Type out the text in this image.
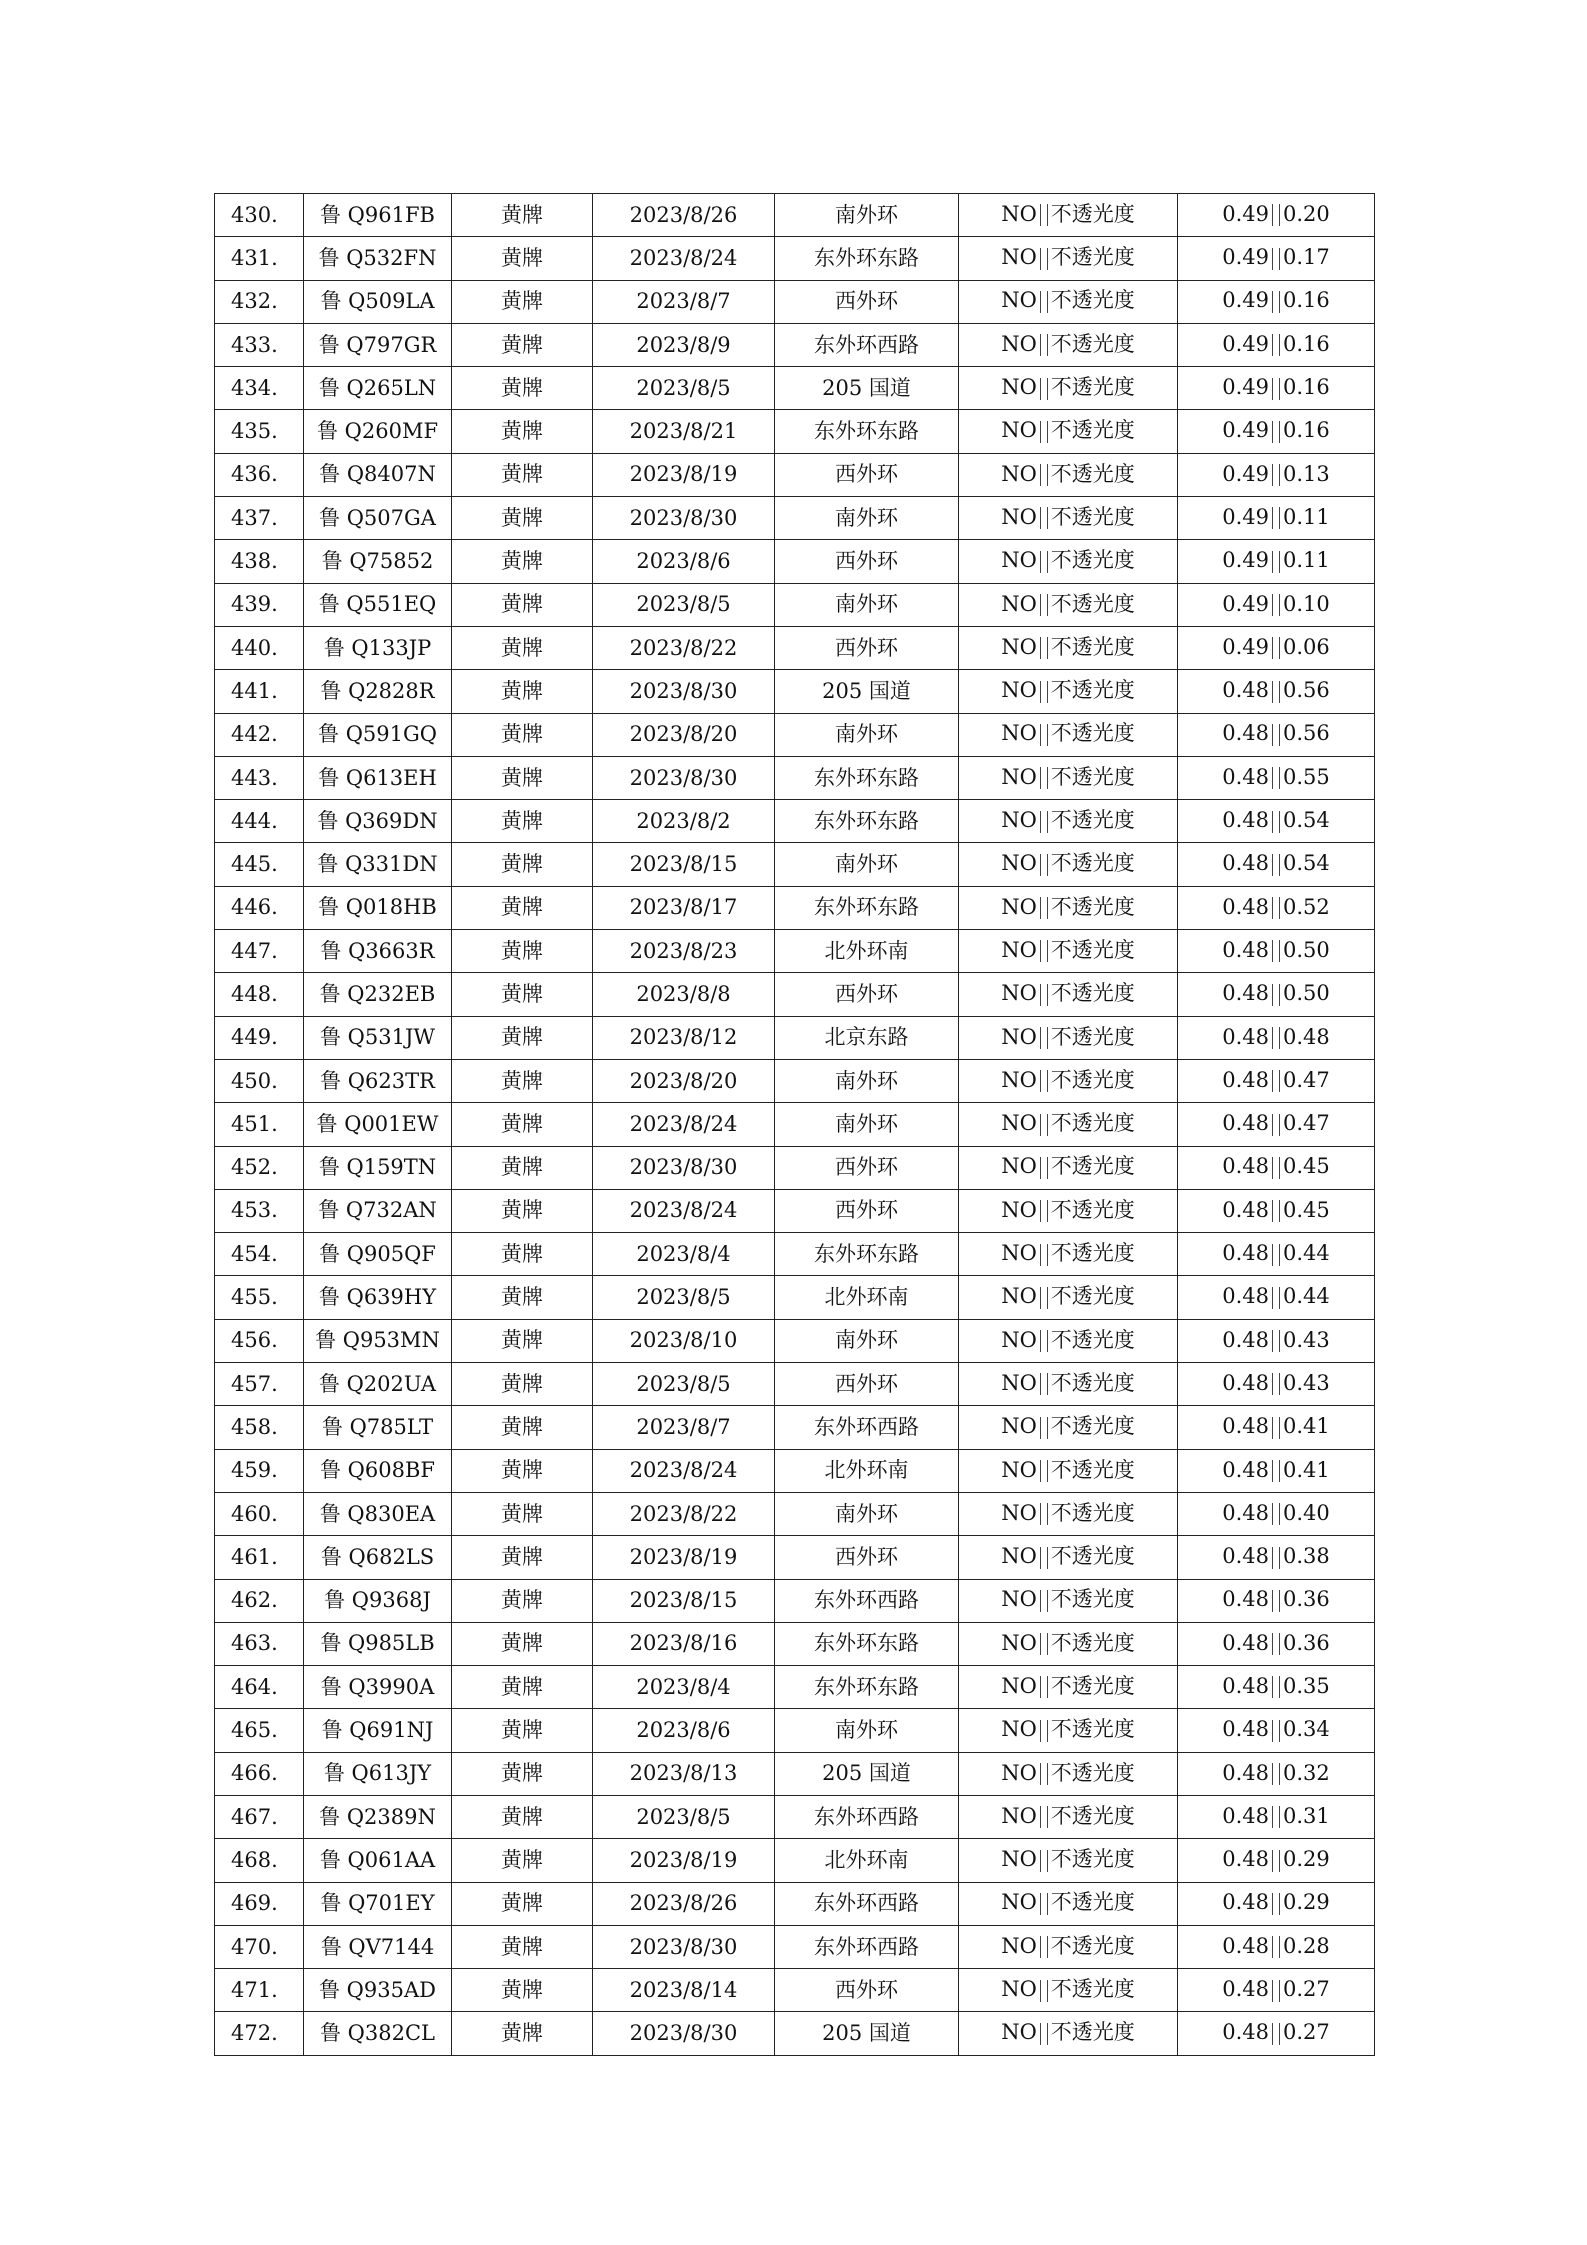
430.	鲁 Q961FB	黄牌	2023/8/26	南外环	NO 不透光度	0.49 0.20
431.	鲁 Q532FN	黄牌	2023/8/24	东外环东路	NO 不透光度	0.49 0.17
432.	鲁 Q509LA	黄牌	2023/8/7	西外环	NO 不透光度	0.49 0.16
433.	鲁 Q797GR	黄牌	2023/8/9	东外环西路	NO 不透光度	0.49 0.16
434.	鲁 Q265LN	黄牌	2023/8/5	205 国道	NO 不透光度	0.49 0.16
435.	鲁 Q260MF	黄牌	2023/8/21	东外环东路	NO 不透光度	0.49 0.16
436.	鲁 Q8407N	黄牌	2023/8/19	西外环	NO 不透光度	0.49 0.13
437.	鲁 Q507GA	黄牌	2023/8/30	南外环	NO 不透光度	0.49 0.11
438.	鲁 Q75852	黄牌	2023/8/6	西外环	NO 不透光度	0.49 0.11
439.	鲁 Q551EQ	黄牌	2023/8/5	南外环	NO 不透光度	0.49 0.10
440.	鲁 Q133JP	黄牌	2023/8/22	西外环	NO 不透光度	0.49 0.06
441.	鲁 Q2828R	黄牌	2023/8/30	205 国道	NO 不透光度	0.48 0.56
442.	鲁 Q591GQ	黄牌	2023/8/20	南外环	NO 不透光度	0.48 0.56
443.	鲁 Q613EH	黄牌	2023/8/30	东外环东路	NO 不透光度	0.48 0.55
444.	鲁 Q369DN	黄牌	2023/8/2	东外环东路	NO 不透光度	0.48 0.54
445.	鲁 Q331DN	黄牌	2023/8/15	南外环	NO 不透光度	0.48 0.54
446.	鲁 Q018HB	黄牌	2023/8/17	东外环东路	NO 不透光度	0.48 0.52
447.	鲁 Q3663R	黄牌	2023/8/23	北外环南	NO 不透光度	0.48 0.50
448.	鲁 Q232EB	黄牌	2023/8/8	西外环	NO 不透光度	0.48 0.50
449.	鲁 Q531JW	黄牌	2023/8/12	北京东路	NO 不透光度	0.48 0.48
450.	鲁 Q623TR	黄牌	2023/8/20	南外环	NO 不透光度	0.48 0.47
451.	鲁 Q001EW	黄牌	2023/8/24	南外环	NO 不透光度	0.48 0.47
452.	鲁 Q159TN	黄牌	2023/8/30	西外环	NO 不透光度	0.48 0.45
453.	鲁 Q732AN	黄牌	2023/8/24	西外环	NO 不透光度	0.48 0.45
454.	鲁 Q905QF	黄牌	2023/8/4	东外环东路	NO 不透光度	0.48 0.44
455.	鲁 Q639HY	黄牌	2023/8/5	北外环南	NO 不透光度	0.48 0.44
456.	鲁 Q953MN	黄牌	2023/8/10	南外环	NO 不透光度	0.48 0.43
457.	鲁 Q202UA	黄牌	2023/8/5	西外环	NO 不透光度	0.48 0.43
458.	鲁 Q785LT	黄牌	2023/8/7	东外环西路	NO 不透光度	0.48 0.41
459.	鲁 Q608BF	黄牌	2023/8/24	北外环南	NO 不透光度	0.48 0.41
460.	鲁 Q830EA	黄牌	2023/8/22	南外环	NO 不透光度	0.48 0.40
461.	鲁 Q682LS	黄牌	2023/8/19	西外环	NO 不透光度	0.48 0.38
462.	鲁 Q9368J	黄牌	2023/8/15	东外环西路	NO 不透光度	0.48 0.36
463.	鲁 Q985LB	黄牌	2023/8/16	东外环东路	NO 不透光度	0.48 0.36
464.	鲁 Q3990A	黄牌	2023/8/4	东外环东路	NO 不透光度	0.48 0.35
465.	鲁 Q691NJ	黄牌	2023/8/6	南外环	NO 不透光度	0.48 0.34
466.	鲁 Q613JY	黄牌	2023/8/13	205 国道	NO 不透光度	0.48 0.32
467.	鲁 Q2389N	黄牌	2023/8/5	东外环西路	NO 不透光度	0.48 0.31
468.	鲁 Q061AA	黄牌	2023/8/19	北外环南	NO 不透光度	0.48 0.29
469.	鲁 Q701EY	黄牌	2023/8/26	东外环西路	NO 不透光度	0.48 0.29
470.	鲁 QV7144	黄牌	2023/8/30	东外环西路	NO 不透光度	0.48 0.28
471.	鲁 Q935AD	黄牌	2023/8/14	西外环	NO 不透光度	0.48 0.27
472.	鲁 Q382CL	黄牌	2023/8/30	205 国道	NO 不透光度	0.48 0.27
